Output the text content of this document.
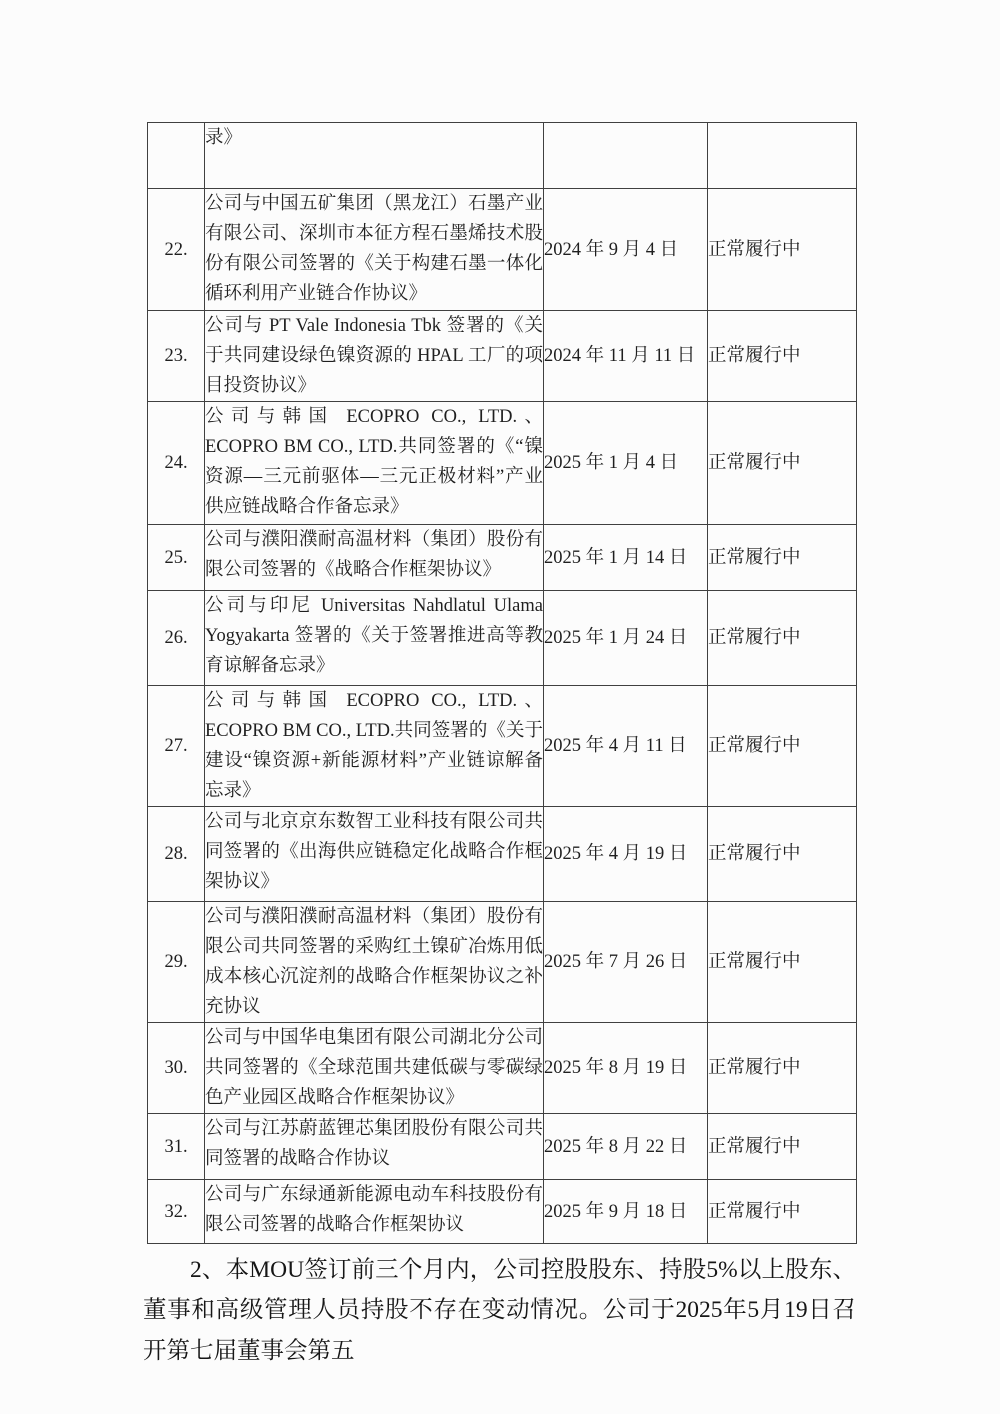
	录》		
22.	公司与中国五矿集团（黑龙江）石墨产业有限公司、深圳市本征方程石墨烯技术股份有限公司签署的《关于构建石墨一体化循环利用产业链合作协议》	2024 年 9 月 4 日	正常履行中
23.	公司与 PT Vale Indonesia Tbk 签署的《关于共同建设绿色镍资源的 HPAL 工厂的项目投资协议》	2024 年 11 月 11 日	正常履行中
24.	公司与韩国 ECOPRO CO., LTD.、ECOPRO BM CO., LTD.共同签署的《“镍资源—三元前驱体—三元正极材料”产业供应链战略合作备忘录》	2025 年 1 月 4 日	正常履行中
25.	公司与濮阳濮耐高温材料（集团）股份有限公司签署的《战略合作框架协议》	2025 年 1 月 14 日	正常履行中
26.	公司与印尼 Universitas Nahdlatul Ulama Yogyakarta 签署的《关于签署推进高等教育谅解备忘录》	2025 年 1 月 24 日	正常履行中
27.	公司与韩国 ECOPRO CO., LTD.、ECOPRO BM CO., LTD.共同签署的《关于建设“镍资源+新能源材料”产业链谅解备忘录》	2025 年 4 月 11 日	正常履行中
28.	公司与北京京东数智工业科技有限公司共同签署的《出海供应链稳定化战略合作框架协议》	2025 年 4 月 19 日	正常履行中
29.	公司与濮阳濮耐高温材料（集团）股份有限公司共同签署的采购红土镍矿冶炼用低成本核心沉淀剂的战略合作框架协议之补充协议	2025 年 7 月 26 日	正常履行中
30.	公司与中国华电集团有限公司湖北分公司共同签署的《全球范围共建低碳与零碳绿色产业园区战略合作框架协议》	2025 年 8 月 19 日	正常履行中
31.	公司与江苏蔚蓝锂芯集团股份有限公司共同签署的战略合作协议	2025 年 8 月 22 日	正常履行中
32.	公司与广东绿通新能源电动车科技股份有限公司签署的战略合作框架协议	2025 年 9 月 18 日	正常履行中

2、本MOU签订前三个月内，公司控股股东、持股5%以上股东、董事和高级管理人员持股不存在变动情况。公司于2025年5月19日召开第七届董事会第五
